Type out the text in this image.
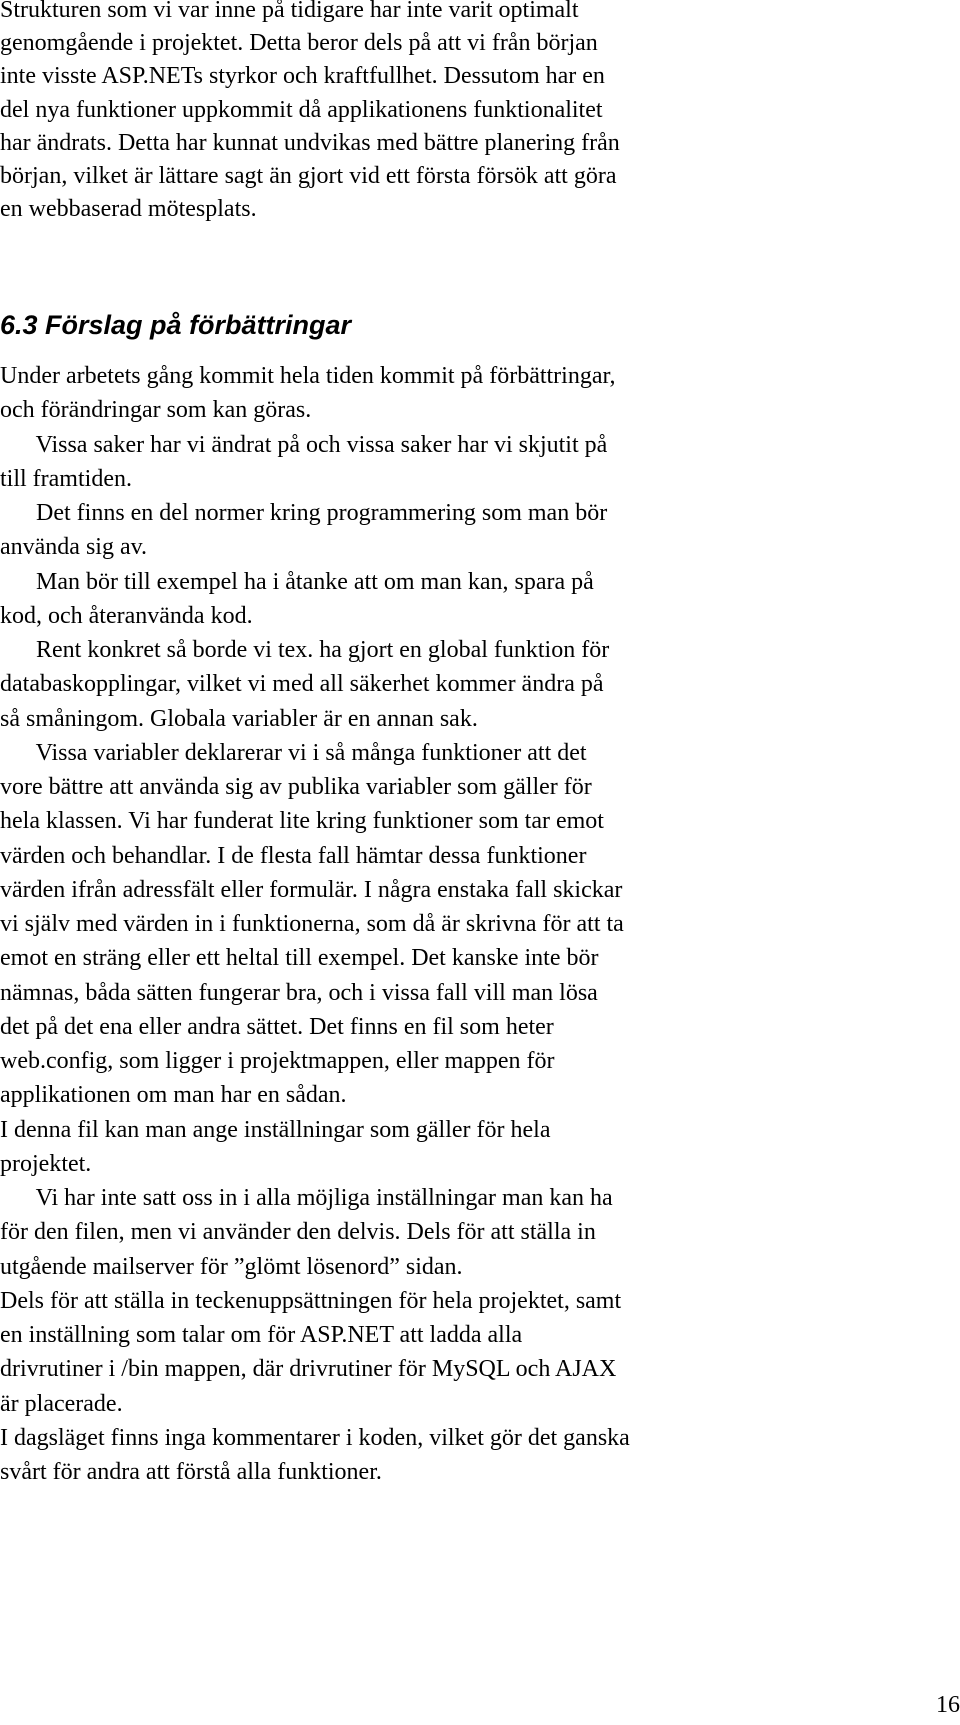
Strukturen som vi var inne på tidigare har inte varit optimalt
genomgående i projektet. Detta beror dels på att vi från början
inte visste ASP.NETs styrkor och kraftfullhet. Dessutom har en
del nya funktioner uppkommit då applikationens funktionalitet
har ändrats. Detta har kunnat undvikas med bättre planering från
början, vilket är lättare sagt än gjort vid ett första försök att göra
en webbaserad mötesplats.

6.3 Förslag på förbättringar
Under arbetets gång kommit hela tiden kommit på förbättringar,
och förändringar som kan göras.
Vissa saker har vi ändrat på och vissa saker har vi skjutit på
till framtiden.
Det finns en del normer kring programmering som man bör
använda sig av.
Man bör till exempel ha i åtanke att om man kan, spara på
kod, och återanvända kod.
Rent konkret så borde vi tex. ha gjort en global funktion för
databaskopplingar, vilket vi med all säkerhet kommer ändra på
så småningom. Globala variabler är en annan sak.
Vissa variabler deklarerar vi i så många funktioner att det
vore bättre att använda sig av publika variabler som gäller för
hela klassen. Vi har funderat lite kring funktioner som tar emot
värden och behandlar. I de flesta fall hämtar dessa funktioner
värden ifrån adressfält eller formulär. I några enstaka fall skickar
vi själv med värden in i funktionerna, som då är skrivna för att ta
emot en sträng eller ett heltal till exempel. Det kanske inte bör
nämnas, båda sätten fungerar bra, och i vissa fall vill man lösa
det på det ena eller andra sättet. Det finns en fil som heter
web.config, som ligger i projektmappen, eller mappen för
applikationen om man har en sådan.
I denna fil kan man ange inställningar som gäller för hela
projektet.
Vi har inte satt oss in i alla möjliga inställningar man kan ha
för den filen, men vi använder den delvis. Dels för att ställa in
utgående mailserver för ”glömt lösenord” sidan.
Dels för att ställa in teckenuppsättningen för hela projektet, samt
en inställning som talar om för ASP.NET att ladda alla
drivrutiner i /bin mappen, där drivrutiner för MySQL och AJAX
är placerade.
I dagsläget finns inga kommentarer i koden, vilket gör det ganska
svårt för andra att förstå alla funktioner.
16
